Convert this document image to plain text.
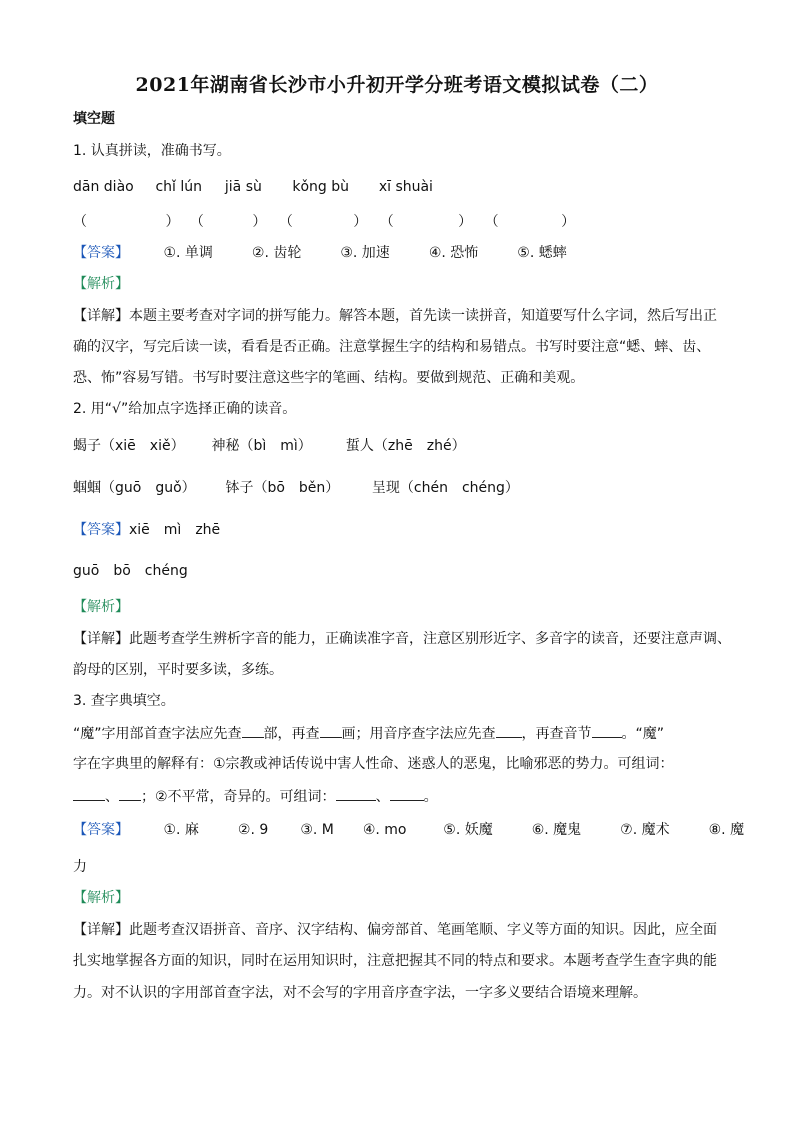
2021年湖南省长沙市小升初开学分班考语文模拟试卷（二）
填空题
1. 认真拼读，准确书写。
dān diào chǐ lún jiā sù kǒng bù xī shuài
（	） （	） （	） （	） （	）
【答案】 ①. 单调	②. 齿轮	③. 加速	④. 恐怖	⑤. 蟋蟀
【解析】
【详解】本题主要考查对字词的拼写能力。解答本题，首先读一读拼音，知道要写什么字词，然后写出正
确的汉字，写完后读一读，看看是否正确。注意掌握生字的结构和易错点。书写时要注意“蟋、蟀、齿、
恐、怖”容易写错。书写时要注意这些字的笔画、结构。要做到规范、正确和美观。
2. 用“√”给加点字选择正确的读音。
蝎子（xiē　xiě） 神秘（bì　mì） 蜇人（zhē　zhé）
蝈蝈（guō　guǒ） 钵子（bō　běn） 呈现（chén　chéng）
【答案】xiē　mì　zhē
guō　bō　chéng
【解析】
【详解】此题考查学生辨析字音的能力，正确读准字音，注意区别形近字、多音字的读音，还要注意声调、
韵母的区别，平时要多读，多练。
3. 查字典填空。
“魔”字用部首查字法应先查 部，再查 画；用音序查字法应先查 ，再查音节 。“魔”
字在字典里的解释有：①宗教或神话传说中害人性命、迷惑人的恶鬼，比喻邪恶的势力。可组词：
、 ；②不平常，奇异的。可组词：	、 。
【答案】 ①. 麻	②. 9 ③. M ④. mo	⑤. 妖魔	⑥. 魔鬼	⑦. 魔术	⑧. 魔
力
【解析】
【详解】此题考查汉语拼音、音序、汉字结构、偏旁部首、笔画笔顺、字义等方面的知识。因此，应全面
扎实地掌握各方面的知识，同时在运用知识时，注意把握其不同的特点和要求。本题考查学生查字典的能
力。对不认识的字用部首查字法，对不会写的字用音序查字法，一字多义要结合语境来理解。
